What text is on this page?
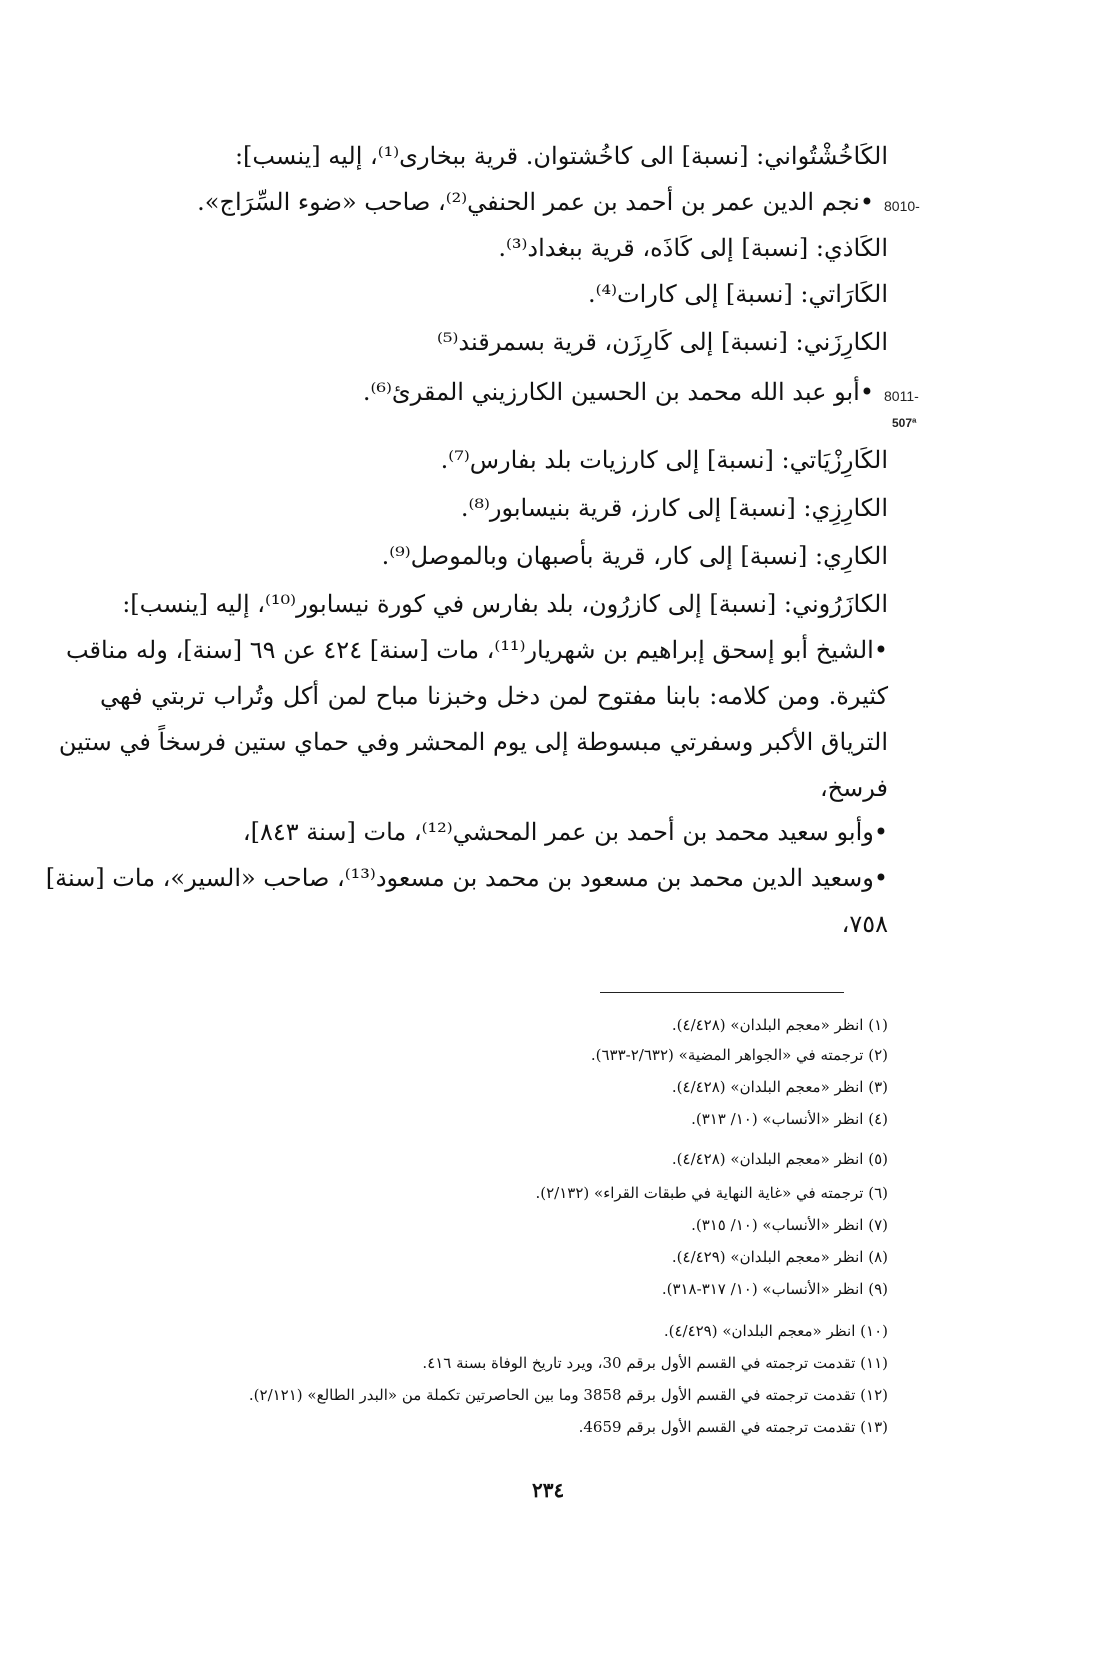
الكَاخُشْتُواني: [نسبة] الى كاخُشتوان. قرية ببخارى⁽¹⁾، إليه [ينسب]:
•نجم الدين عمر بن أحمد بن عمر الحنفي⁽²⁾، صاحب «ضوء السِّرَاج».
الكَاذي: [نسبة] إلى كَاذَه، قرية ببغداد⁽³⁾.
الكَارَاتي: [نسبة] إلى كارات⁽⁴⁾.
الكارِزَني: [نسبة] إلى كَارِزَن، قرية بسمرقند⁽⁵⁾
•أبو عبد الله محمد بن الحسين الكارزيني المقرئ⁽⁶⁾.
الكَارِزْيَاتي: [نسبة] إلى كارزيات بلد بفارس⁽⁷⁾.
الكارِزِي: [نسبة] إلى كارز، قرية بنيسابور⁽⁸⁾.
الكارِي: [نسبة] إلى كار، قرية بأصبهان وبالموصل⁽⁹⁾.
الكازَرُوني: [نسبة] إلى كازرُون، بلد بفارس في كورة نيسابور⁽¹⁰⁾، إليه [ينسب]:
•الشيخ أبو إسحق إبراهيم بن شهريار⁽¹¹⁾، مات [سنة] ٤٢٤ عن ٦٩ [سنة]، وله مناقب
كثيرة. ومن كلامه: بابنا مفتوح لمن دخل وخبزنا مباح لمن أكل وتُراب تربتي فهي
الترياق الأكبر وسفرتي مبسوطة إلى يوم المحشر وفي حماي ستين فرسخاً في ستين
فرسخ،
•وأبو سعيد محمد بن أحمد بن عمر المحشي⁽¹²⁾، مات [سنة ٨٤٣]،
•وسعيد الدين محمد بن مسعود بن محمد بن مسعود⁽¹³⁾، صاحب «السير»، مات [سنة]
٧٥٨،
8010-
8011-
507ª
(١) انظر «معجم البلدان» (٤/٤٢٨).
(٢) ترجمته في «الجواهر المضية» (٢/٦٣٢-٦٣٣).
(٣) انظر «معجم البلدان» (٤/٤٢٨).
(٤) انظر «الأنساب» (١٠/ ٣١٣).
(٥) انظر «معجم البلدان» (٤/٤٢٨).
(٦) ترجمته في «غاية النهاية في طبقات القراء» (٢/١٣٢).
(٧) انظر «الأنساب» (١٠/ ٣١٥).
(٨) انظر «معجم البلدان» (٤/٤٢٩).
(٩) انظر «الأنساب» (١٠/ ٣١٧-٣١٨).
(١٠) انظر «معجم البلدان» (٤/٤٢٩).
(١١) تقدمت ترجمته في القسم الأول برقم 30، ويرد تاريخ الوفاة بسنة ٤١٦.
(١٢) تقدمت ترجمته في القسم الأول برقم 3858 وما بين الحاصرتين تكملة من «البدر الطالع» (٢/١٢١).
(١٣) تقدمت ترجمته في القسم الأول برقم 4659.
٢٣٤
